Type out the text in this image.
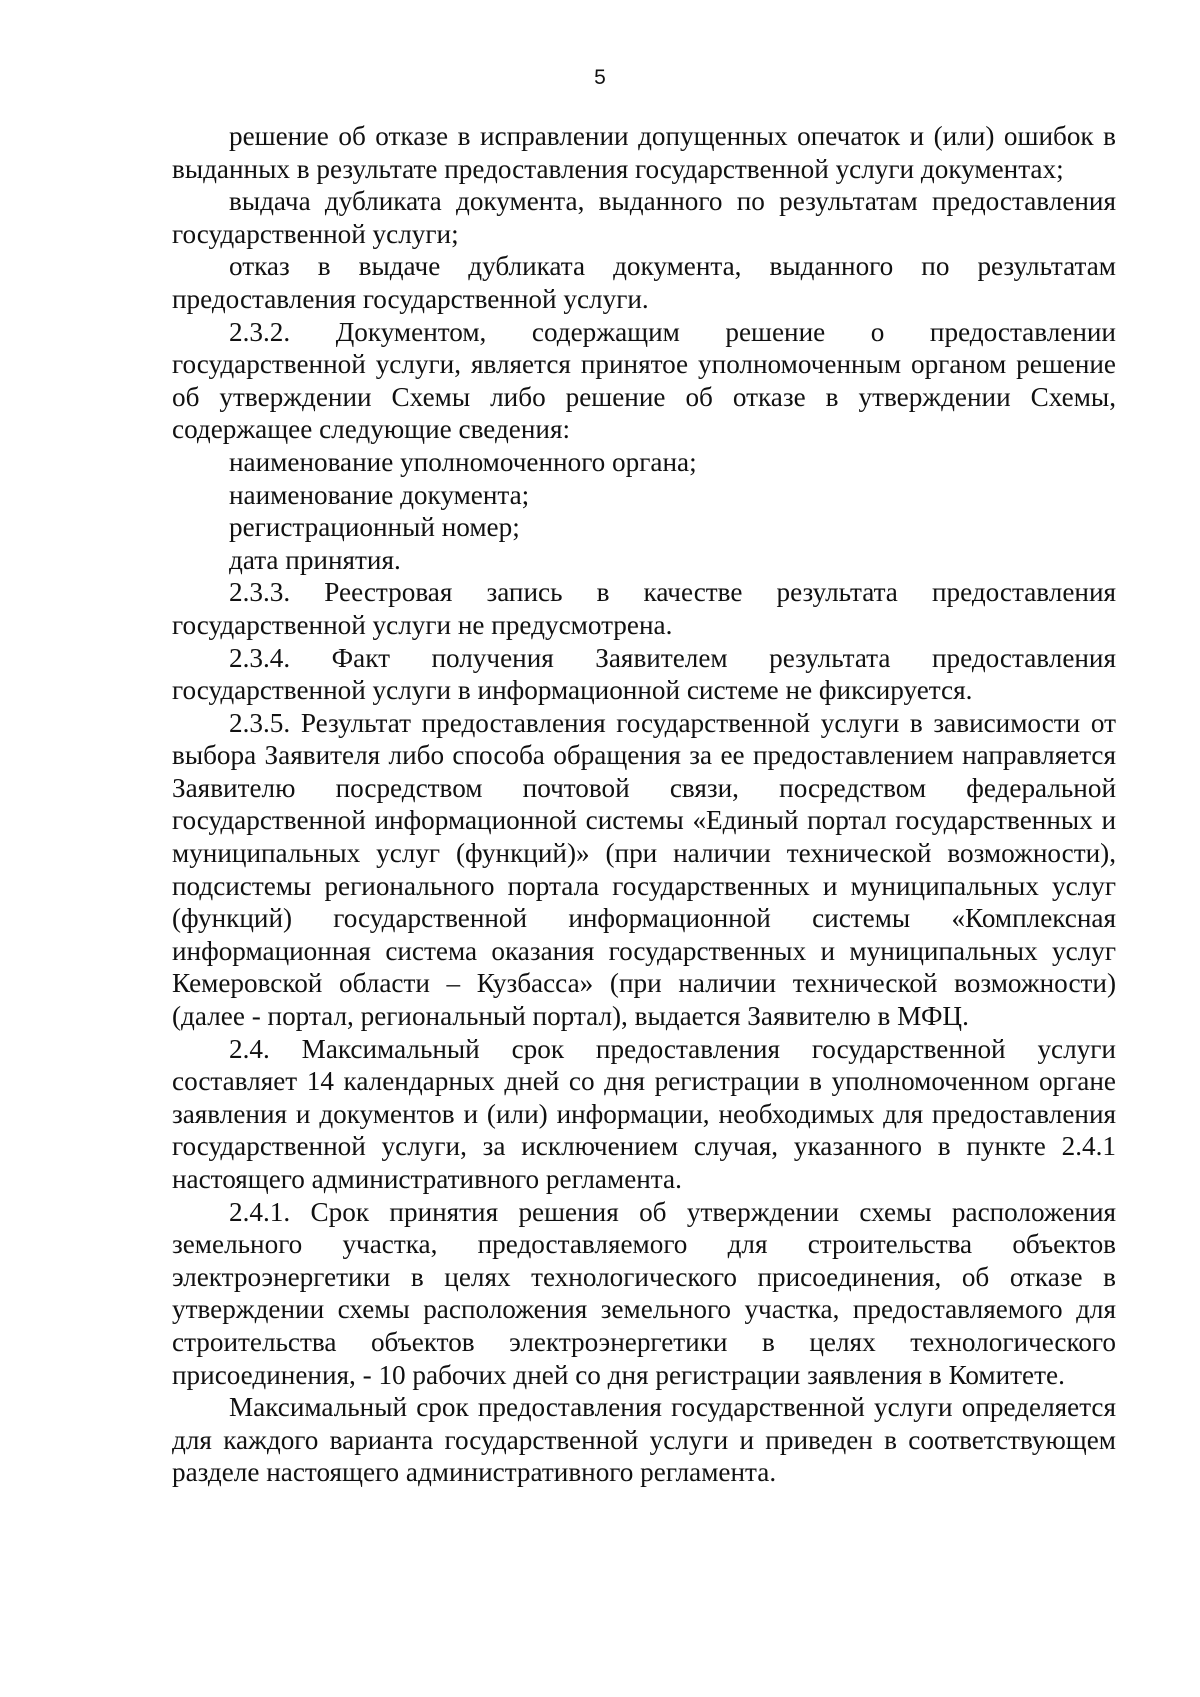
5

решение об отказе в исправлении допущенных опечаток и (или) ошибок в выданных в результате предоставления государственной услуги документах;

выдача дубликата документа, выданного по результатам предоставления государственной услуги;

отказ в выдаче дубликата документа, выданного по результатам предоставления государственной услуги.

2.3.2. Документом, содержащим решение о предоставлении государственной услуги, является принятое уполномоченным органом решение об утверждении Схемы либо решение об отказе в утверждении Схемы, содержащее следующие сведения:

наименование уполномоченного органа;

наименование документа;

регистрационный номер;

дата принятия.

2.3.3. Реестровая запись в качестве результата предоставления государственной услуги не предусмотрена.

2.3.4. Факт получения Заявителем результата предоставления государственной услуги в информационной системе не фиксируется.

2.3.5. Результат предоставления государственной услуги в зависимости от выбора Заявителя либо способа обращения за ее предоставлением направляется Заявителю посредством почтовой связи, посредством федеральной государственной информационной системы «Единый портал государственных и муниципальных услуг (функций)» (при наличии технической возможности), подсистемы регионального портала государственных и муниципальных услуг (функций) государственной информационной системы «Комплексная информационная система оказания государственных и муниципальных услуг Кемеровской области – Кузбасса» (при наличии технической возможности) (далее - портал, региональный портал), выдается Заявителю в МФЦ.

2.4. Максимальный срок предоставления государственной услуги составляет 14 календарных дней со дня регистрации в уполномоченном органе заявления и документов и (или) информации, необходимых для предоставления государственной услуги, за исключением случая, указанного в пункте 2.4.1 настоящего административного регламента.

2.4.1. Срок принятия решения об утверждении схемы расположения земельного участка, предоставляемого для строительства объектов электроэнергетики в целях технологического присоединения, об отказе в утверждении схемы расположения земельного участка, предоставляемого для строительства объектов электроэнергетики в целях технологического присоединения, - 10 рабочих дней со дня регистрации заявления в Комитете.

Максимальный срок предоставления государственной услуги определяется для каждого варианта государственной услуги и приведен в соответствующем разделе настоящего административного регламента.
